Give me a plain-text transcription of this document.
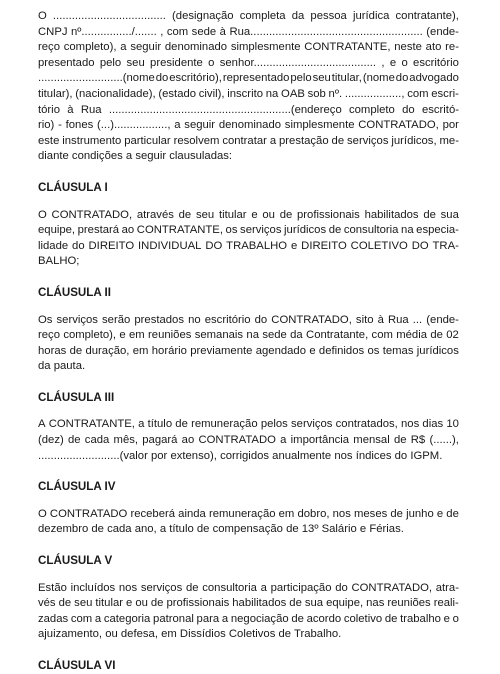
O .................................... (designação completa da pessoa jurídica contratante),
CNPJ nº................/....... , com sede à Rua....................................................... (ende-
reço completo), a seguir denominado simplesmente CONTRATANTE, neste ato re-
presentado pelo seu presidente o senhor....................................... , e o escritório
...........................(nome do escritório), representado pelo seu titular, (nome do advogado
titular), (nacionalidade), (estado civil), inscrito na OAB sob nº. .................., com escri-
tório à Rua ..........................................................(endereço completo do escritó-
rio) - fones (...)................., a seguir denominado simplesmente CONTRATADO, por
este instrumento particular resolvem contratar a prestação de serviços jurídicos, me-
diante condições a seguir clausuladas:
CLÁUSULA I
O CONTRATADO, através de seu titular e ou de profissionais habilitados de sua
equipe, prestará ao CONTRATANTE, os serviços jurídicos de consultoria na especia-
lidade do DIREITO INDIVIDUAL DO TRABALHO e DIREITO COLETIVO DO TRA-
BALHO;
CLÁUSULA II
Os serviços serão prestados no escritório do CONTRATADO, sito à Rua ... (ende-
reço completo), e em reuniões semanais na sede da Contratante, com média de 02
horas de duração, em horário previamente agendado e definidos os temas jurídicos
da pauta.
CLÁUSULA III
A CONTRATANTE, a título de remuneração pelos serviços contratados, nos dias 10
(dez) de cada mês, pagará ao CONTRATADO a importância mensal de R$ (......),
..........................(valor por extenso), corrigidos anualmente nos índices do IGPM.
CLÁUSULA IV
O CONTRATADO receberá ainda remuneração em dobro, nos meses de junho e de
dezembro de cada ano, a título de compensação de 13º Salário e Férias.
CLÁUSULA V
Estão incluídos nos serviços de consultoria a participação do CONTRATADO, atra-
vés de seu titular e ou de profissionais habilitados de sua equipe, nas reuniões reali-
zadas com a categoria patronal para a negociação de acordo coletivo de trabalho e o
ajuizamento, ou defesa, em Dissídios Coletivos de Trabalho.
CLÁUSULA VI
